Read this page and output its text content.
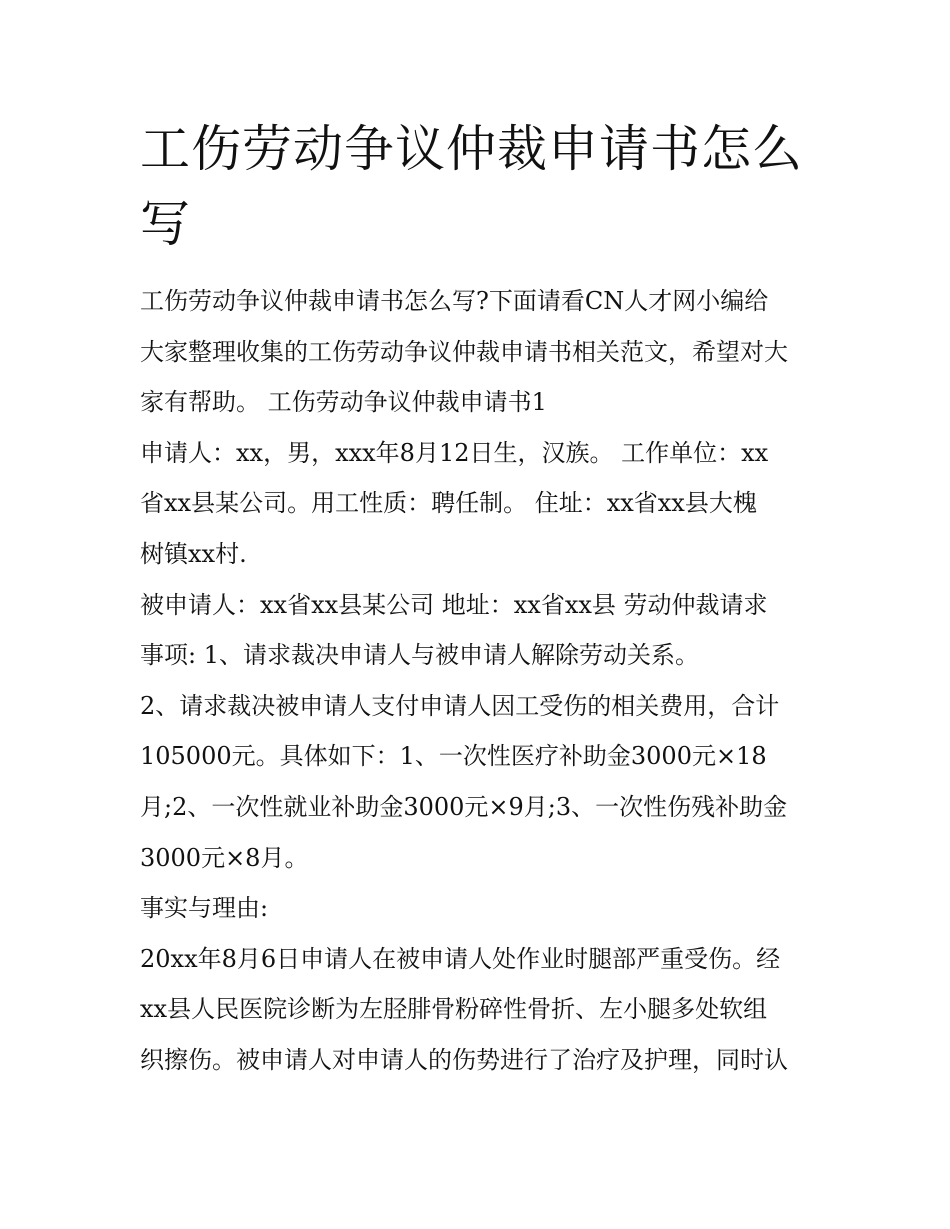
工伤劳动争议仲裁申请书怎么
写
工伤劳动争议仲裁申请书怎么写?下面请看CN人才网小编给
大家整理收集的工伤劳动争议仲裁申请书相关范文，希望对大
家有帮助。 工伤劳动争议仲裁申请书1
申请人：xx，男，xxx年8月12日生，汉族。 工作单位：xx
省xx县某公司。用工性质：聘任制。 住址：xx省xx县大槐
树镇xx村.
被申请人：xx省xx县某公司 地址：xx省xx县 劳动仲裁请求
事项: 1、请求裁决申请人与被申请人解除劳动关系。
2、请求裁决被申请人支付申请人因工受伤的相关费用，合计
105000元。具体如下：1、一次性医疗补助金3000元×18
月;2、一次性就业补助金3000元×9月;3、一次性伤残补助金
3000元×8月。
事实与理由:
20xx年8月6日申请人在被申请人处作业时腿部严重受伤。经
xx县人民医院诊断为左胫腓骨粉碎性骨折、左小腿多处软组
织擦伤。被申请人对申请人的伤势进行了治疗及护理，同时认
